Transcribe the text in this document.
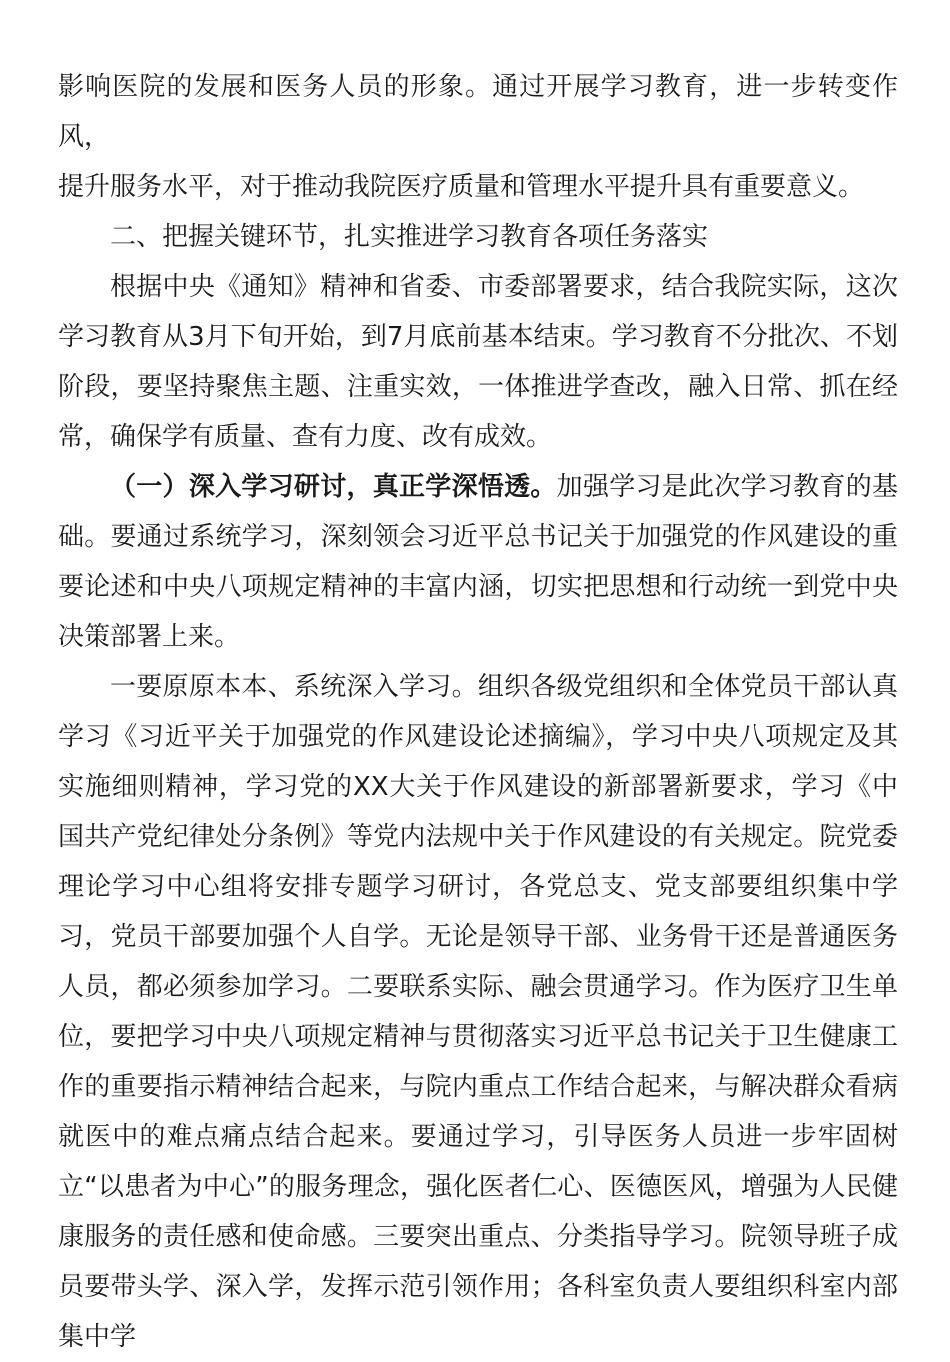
影响医院的发展和医务人员的形象。通过开展学习教育，进一步转变作风，
提升服务水平，对于推动我院医疗质量和管理水平提升具有重要意义。

二、把握关键环节，扎实推进学习教育各项任务落实

根据中央《通知》精神和省委、市委部署要求，结合我院实际，这次学习教育从3月下旬开始，到7月底前基本结束。学习教育不分批次、不划阶段，要坚持聚焦主题、注重实效，一体推进学查改，融入日常、抓在经常，确保学有质量、查有力度、改有成效。

（一）深入学习研讨，真正学深悟透。加强学习是此次学习教育的基础。要通过系统学习，深刻领会习近平总书记关于加强党的作风建设的重要论述和中央八项规定精神的丰富内涵，切实把思想和行动统一到党中央决策部署上来。

一要原原本本、系统深入学习。组织各级党组织和全体党员干部认真学习《习近平关于加强党的作风建设论述摘编》，学习中央八项规定及其实施细则精神，学习党的XX大关于作风建设的新部署新要求，学习《中国共产党纪律处分条例》等党内法规中关于作风建设的有关规定。院党委理论学习中心组将安排专题学习研讨，各党总支、党支部要组织集中学习，党员干部要加强个人自学。无论是领导干部、业务骨干还是普通医务人员，都必须参加学习。二要联系实际、融会贯通学习。作为医疗卫生单位，要把学习中央八项规定精神与贯彻落实习近平总书记关于卫生健康工作的重要指示精神结合起来，与院内重点工作结合起来，与解决群众看病就医中的难点痛点结合起来。要通过学习，引导医务人员进一步牢固树立“以患者为中心”的服务理念，强化医者仁心、医德医风，增强为人民健康服务的责任感和使命感。三要突出重点、分类指导学习。院领导班子成员要带头学、深入学，发挥示范引领作用；各科室负责人要组织科室内部集中学
